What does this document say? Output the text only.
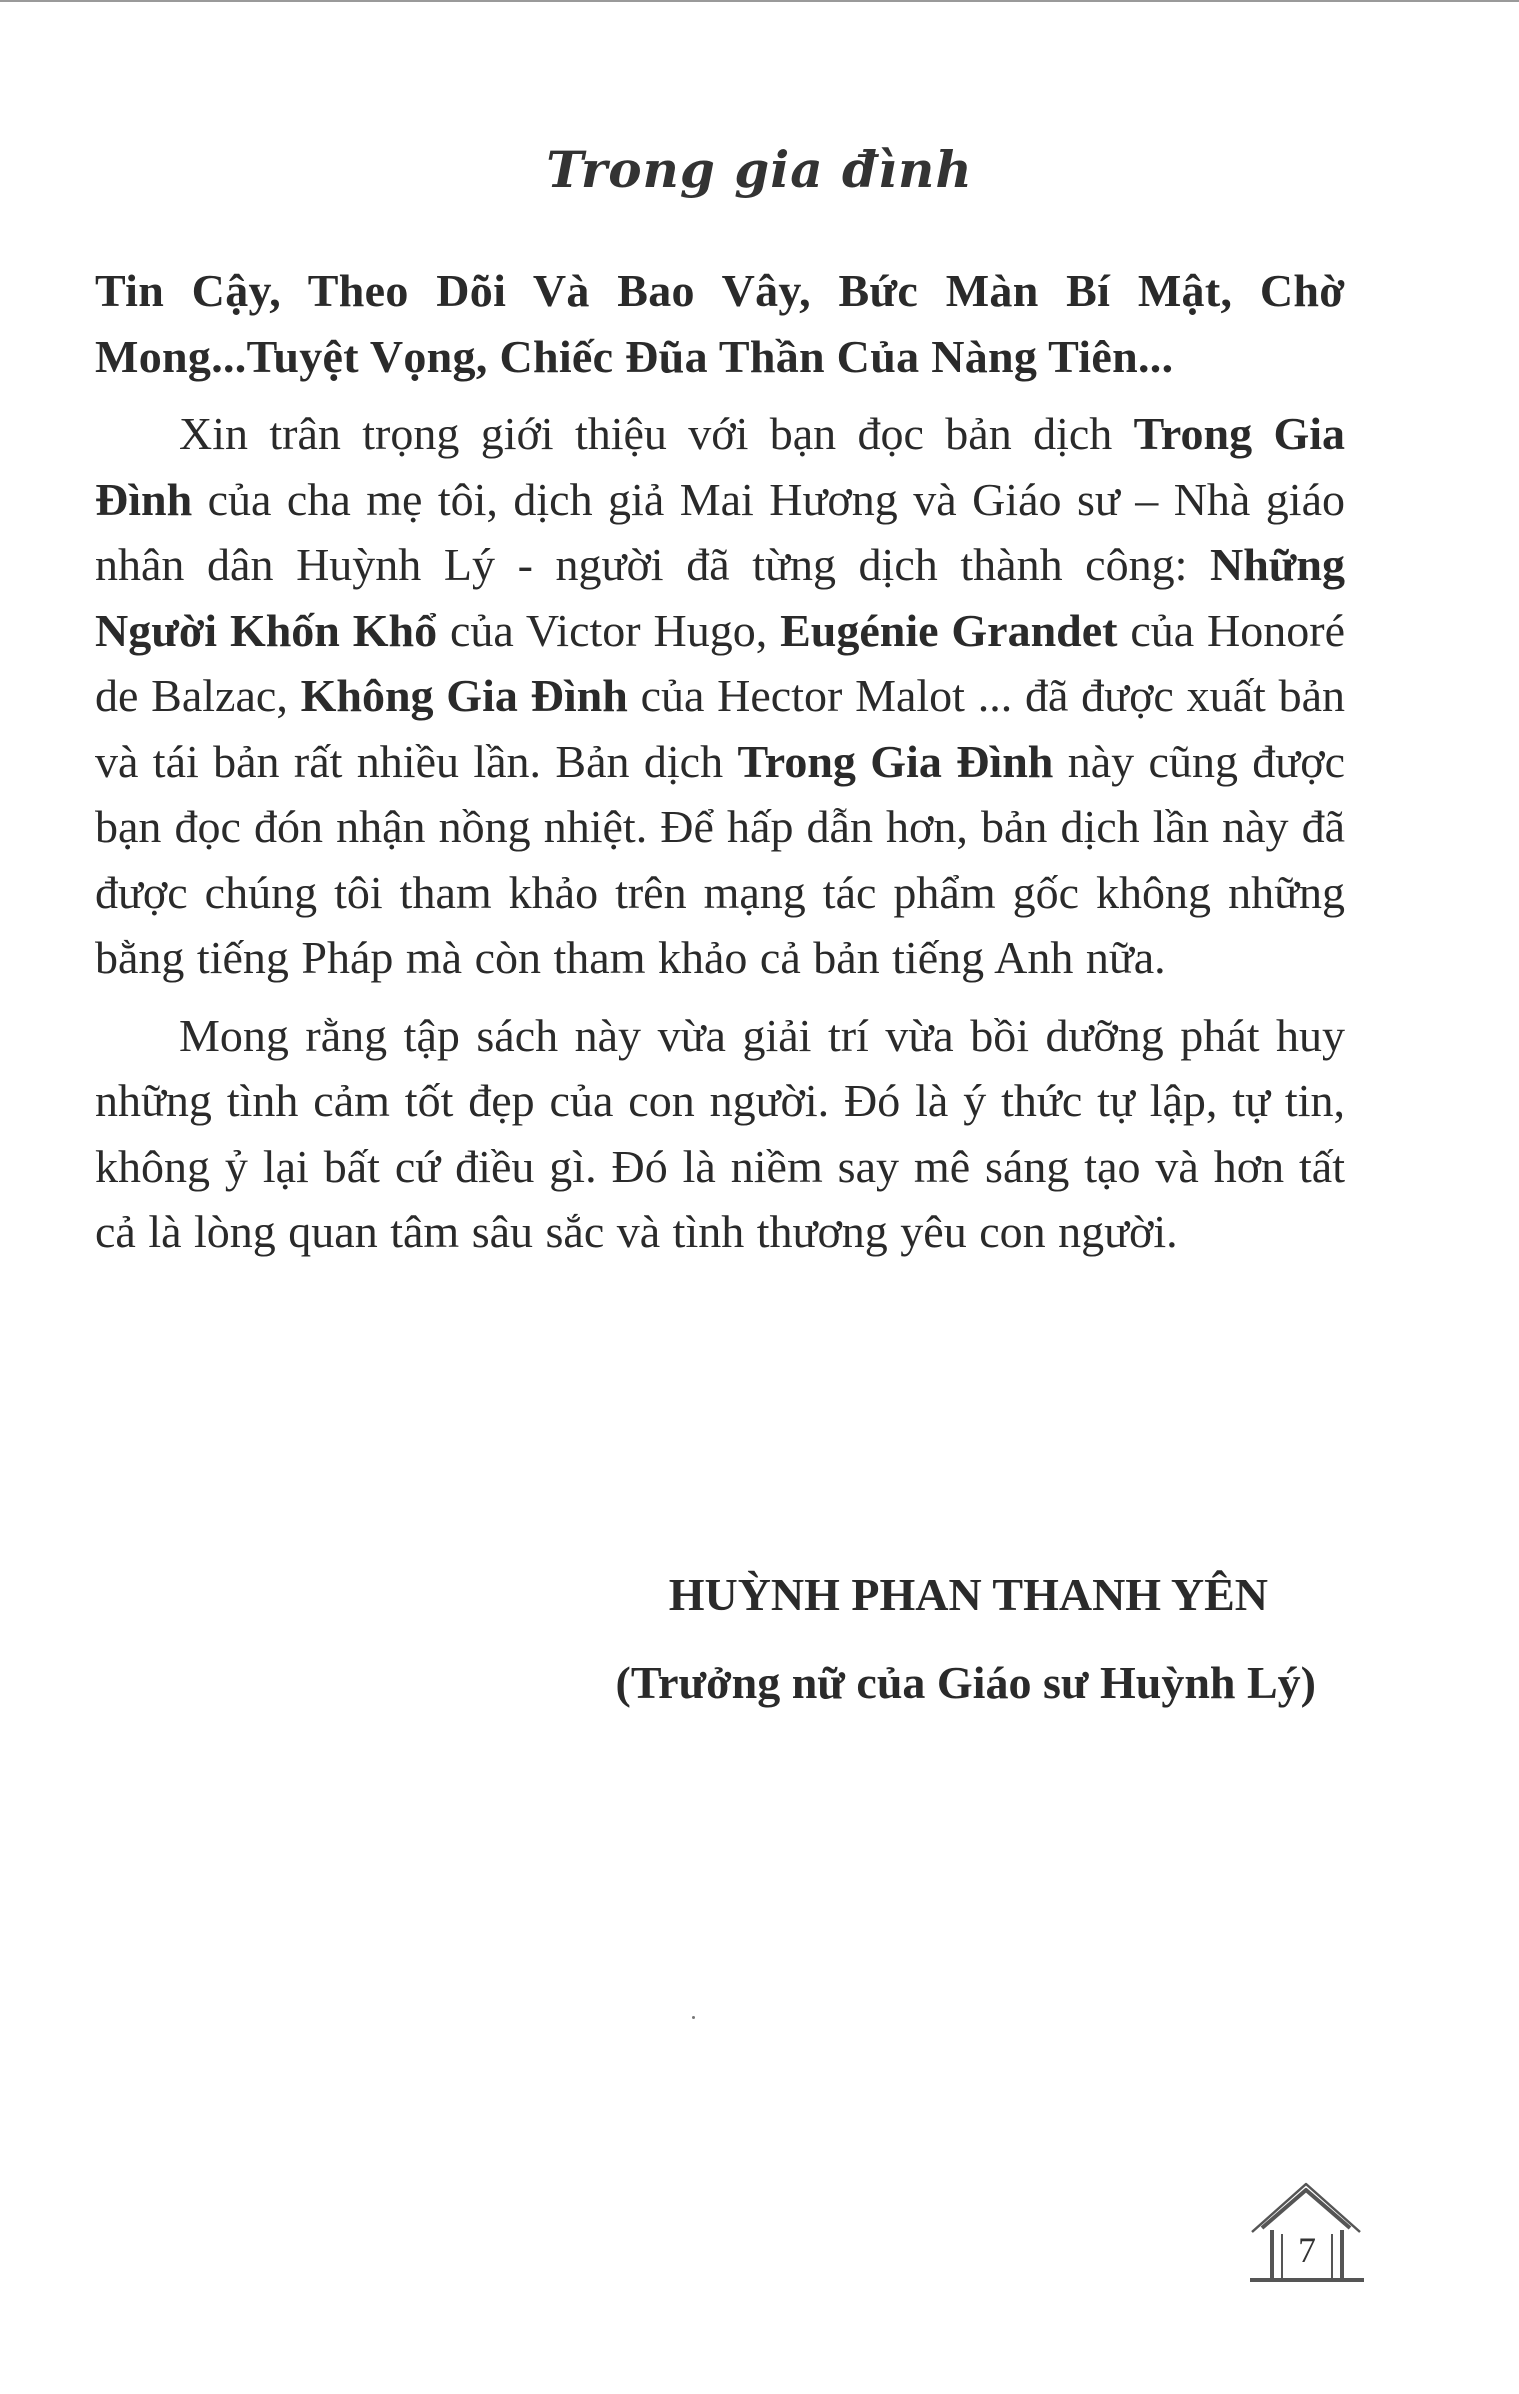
Trong gia đình

Tin Cậy, Theo Dõi Và Bao Vây, Bức Màn Bí Mật, Chờ Mong...Tuyệt Vọng, Chiếc Đũa Thần Của Nàng Tiên...

Xin trân trọng giới thiệu với bạn đọc bản dịch Trong Gia Đình của cha mẹ tôi, dịch giả Mai Hương và Giáo sư – Nhà giáo nhân dân Huỳnh Lý - người đã từng dịch thành công: Những Người Khốn Khổ của Victor Hugo, Eugénie Grandet của Honoré de Balzac, Không Gia Đình của Hector Malot ... đã được xuất bản và tái bản rất nhiều lần. Bản dịch Trong Gia Đình này cũng được bạn đọc đón nhận nồng nhiệt. Để hấp dẫn hơn, bản dịch lần này đã được chúng tôi tham khảo trên mạng tác phẩm gốc không những bằng tiếng Pháp mà còn tham khảo cả bản tiếng Anh nữa.

Mong rằng tập sách này vừa giải trí vừa bồi dưỡng phát huy những tình cảm tốt đẹp của con người. Đó là ý thức tự lập, tự tin, không ỷ lại bất cứ điều gì. Đó là niềm say mê sáng tạo và hơn tất cả là lòng quan tâm sâu sắc và tình thương yêu con người.

HUỲNH PHAN THANH YÊN
(Trưởng nữ của Giáo sư Huỳnh Lý)
7
